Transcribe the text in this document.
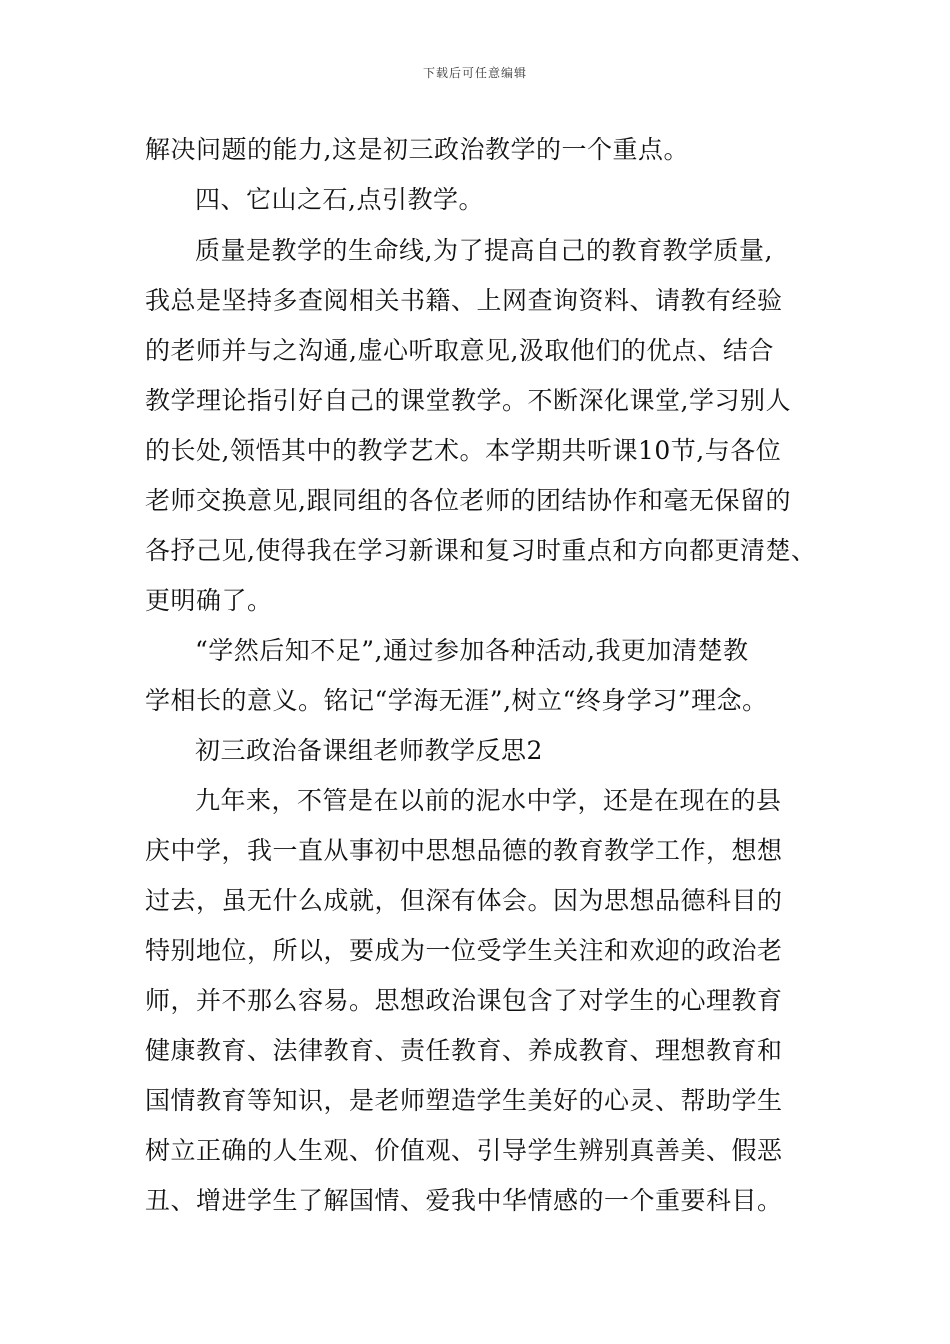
下载后可任意编辑
解决问题的能力,这是初三政治教学的一个重点。
四、它山之石,点引教学。
质量是教学的生命线,为了提高自己的教育教学质量,
我总是坚持多查阅相关书籍、上网查询资料、请教有经验
的老师并与之沟通,虚心听取意见,汲取他们的优点、结合
教学理论指引好自己的课堂教学。不断深化课堂,学习别人
的长处,领悟其中的教学艺术。本学期共听课10节,与各位
老师交换意见,跟同组的各位老师的团结协作和毫无保留的
各抒己见,使得我在学习新课和复习时重点和方向都更清楚、
更明确了。
“学然后知不足”,通过参加各种活动,我更加清楚教
学相长的意义。铭记“学海无涯”,树立“终身学习”理念。
初三政治备课组老师教学反思2
九年来，不管是在以前的泥水中学，还是在现在的县
庆中学，我一直从事初中思想品德的教育教学工作，想想
过去，虽无什么成就，但深有体会。因为思想品德科目的
特别地位，所以，要成为一位受学生关注和欢迎的政治老
师，并不那么容易。思想政治课包含了对学生的心理教育
健康教育、法律教育、责任教育、养成教育、理想教育和
国情教育等知识，是老师塑造学生美好的心灵、帮助学生
树立正确的人生观、价值观、引导学生辨别真善美、假恶
丑、增进学生了解国情、爱我中华情感的一个重要科目。
